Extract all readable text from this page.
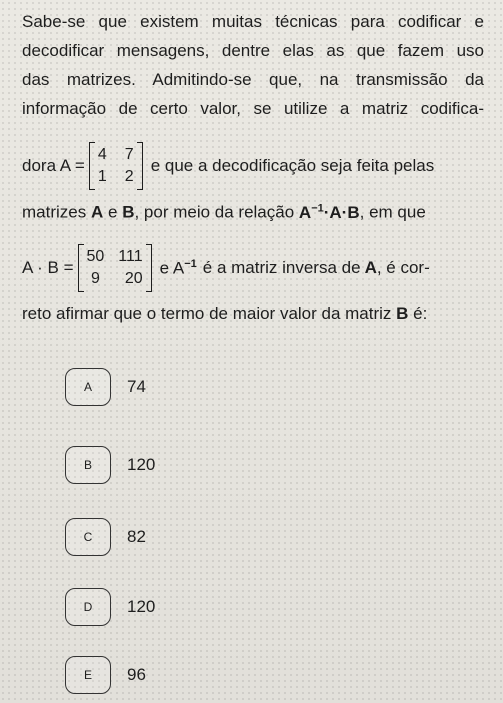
Sabe-se que existem muitas técnicas para codificar e
decodificar mensagens, dentre elas as que fazem uso
das matrizes. Admitindo-se que, na transmissão da
informação de certo valor, se utilize a matriz codifica-
dora A =
4 7
1 2
e que a decodificação seja feita pelas
matrizes A e B, por meio da relação $A^{-1}\cdot A\cdot B$, em que
A · B =
50 111
9	20
e $A^{-1}$ é a matriz inversa de A , é cor-
reto afirmar que o termo de maior valor da matriz B é:
A 74
B 120
C 82
D 120
E 96
